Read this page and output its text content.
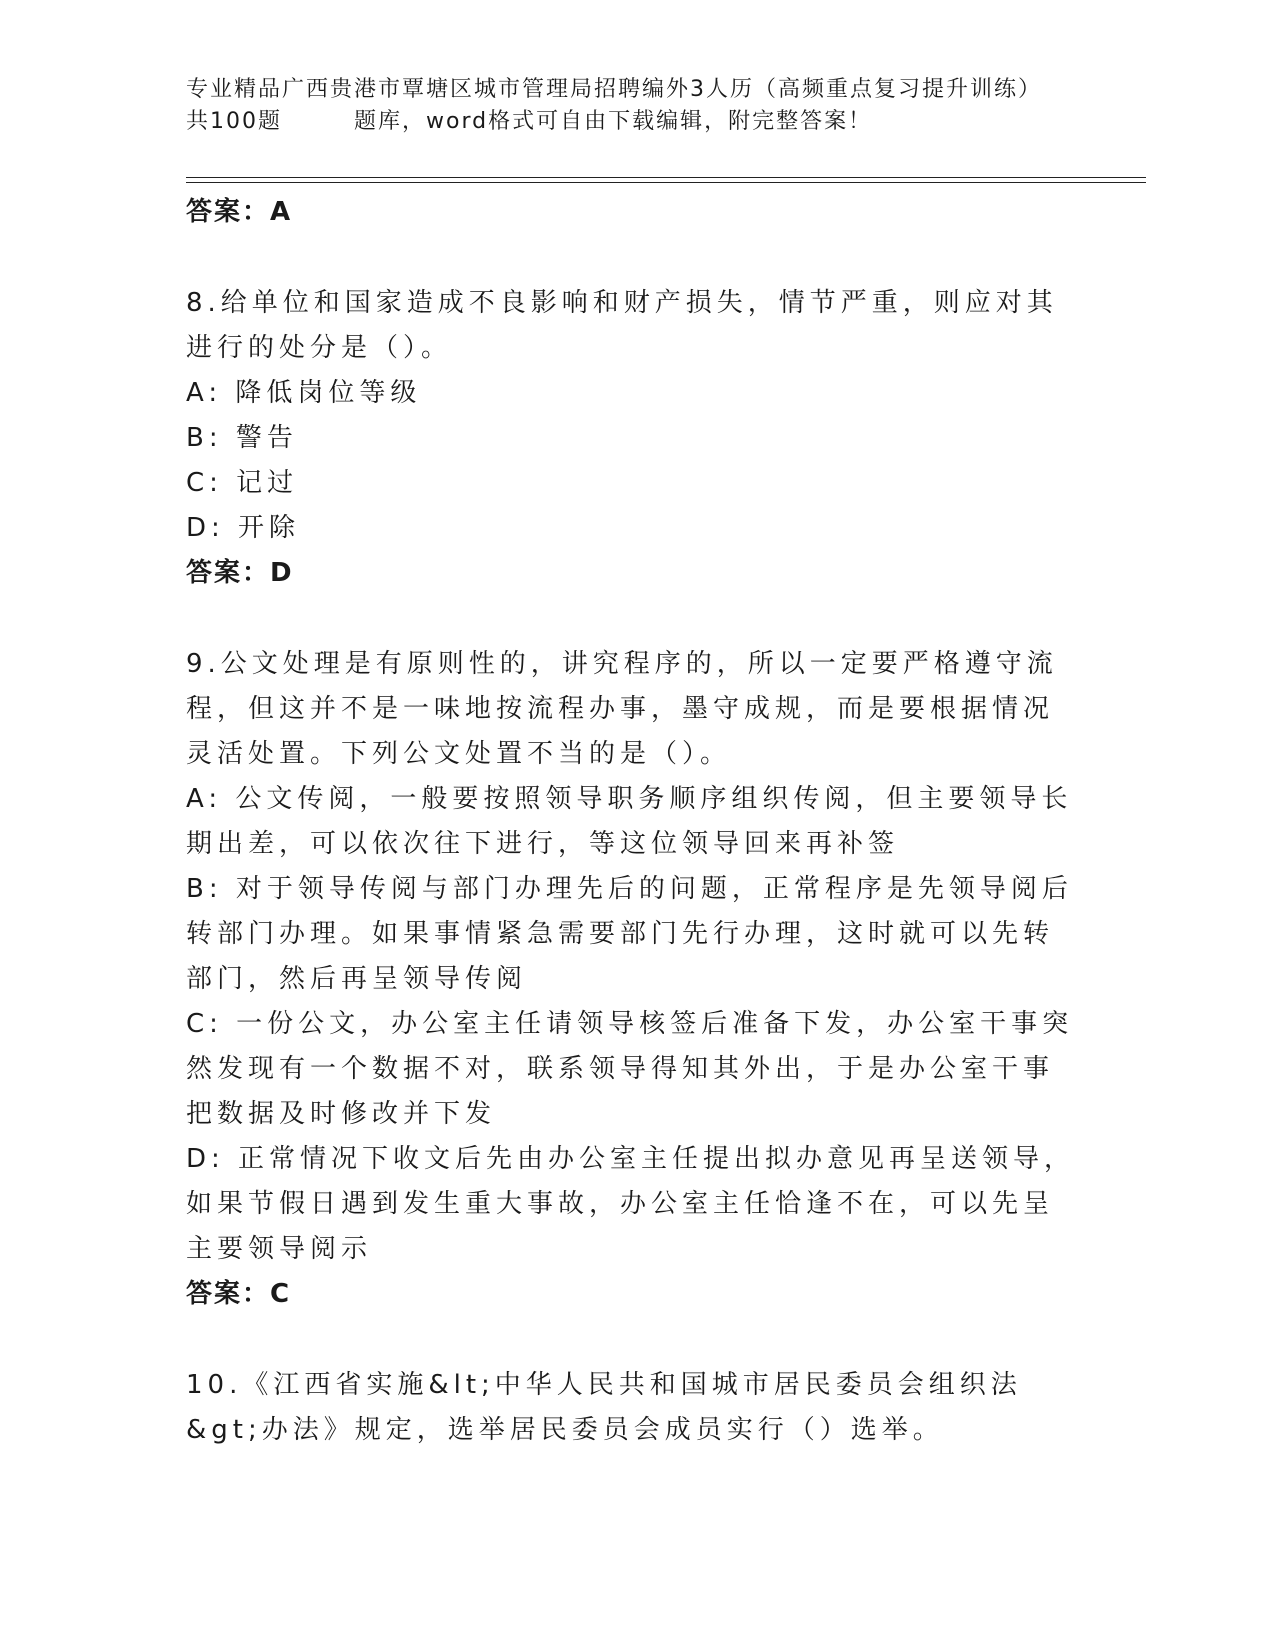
专业精品广西贵港市覃塘区城市管理局招聘编外3人历（高频重点复习提升训练）
共100题	题库，word格式可自由下载编辑，附完整答案！

答案：A

8.给单位和国家造成不良影响和财产损失，情节严重，则应对其进行的处分是（）。

A: 降低岗位等级

B: 警告

C: 记过

D: 开除

答案：D

9.公文处理是有原则性的，讲究程序的，所以一定要严格遵守流程，但这并不是一味地按流程办事，墨守成规，而是要根据情况灵活处置。下列公文处置不当的是（）。

A: 公文传阅，一般要按照领导职务顺序组织传阅，但主要领导长期出差，可以依次往下进行，等这位领导回来再补签

B: 对于领导传阅与部门办理先后的问题，正常程序是先领导阅后转部门办理。如果事情紧急需要部门先行办理，这时就可以先转部门，然后再呈领导传阅

C: 一份公文，办公室主任请领导核签后准备下发，办公室干事突然发现有一个数据不对，联系领导得知其外出，于是办公室干事把数据及时修改并下发

D: 正常情况下收文后先由办公室主任提出拟办意见再呈送领导，如果节假日遇到发生重大事故，办公室主任恰逢不在，可以先呈主要领导阅示

答案：C

10.《江西省实施&lt;中华人民共和国城市居民委员会组织法&gt;办法》规定，选举居民委员会成员实行（）选举。
